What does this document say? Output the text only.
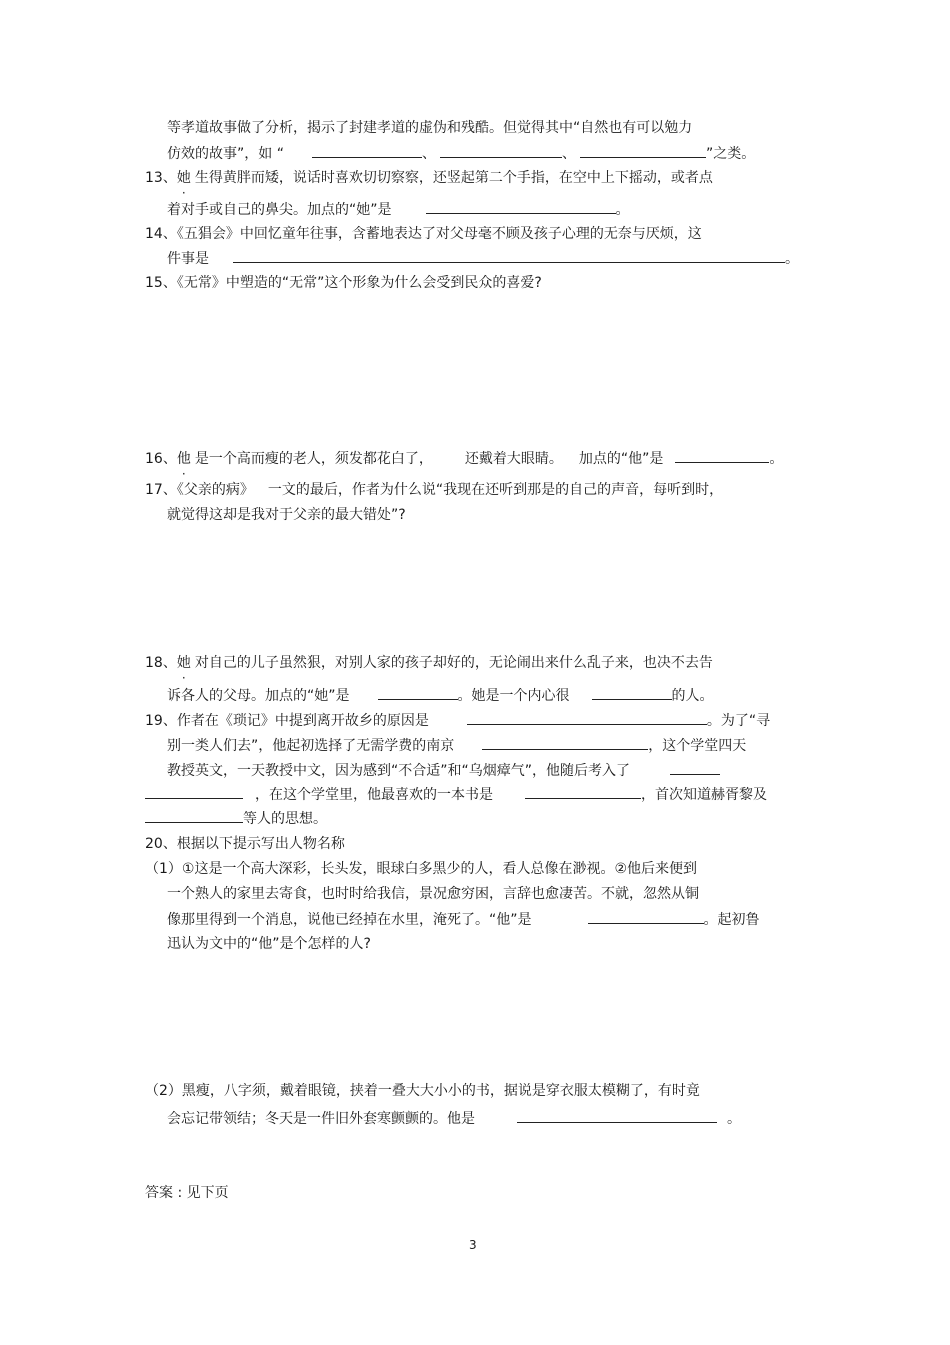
等孝道故事做了分析，揭示了封建孝道的虚伪和残酷。但觉得其中“自然也有可以勉力
仿效的故事”，如 “	、	、	”之类。
13、她 生得黄胖而矮，说话时喜欢切切察察，还竖起第二个手指，在空中上下摇动，或者点
着对手或自己的鼻尖。加点的“她”是	。
14、《五猖会》中回忆童年往事，含蓄地表达了对父母毫不顾及孩子心理的无奈与厌烦，这
件事是	。
15、《无常》中塑造的“无常”这个形象为什么会受到民众的喜爱?
16、他 是一个高而瘦的老人，须发都花白了， 还戴着大眼睛。 加点的“他”是	。
17、《父亲的病》 一文的最后，作者为什么说“我现在还听到那是的自己的声音，每听到时，
就觉得这却是我对于父亲的最大错处”?
18、她 对自己的儿子虽然狠，对别人家的孩子却好的，无论闹出来什么乱子来，也决不去告
诉各人的父母。加点的“她”是	。她是一个内心很	的人。
19、作者在《琐记》中提到离开故乡的原因是	。为了“寻
别一类人们去”，他起初选择了无需学费的南京	，这个学堂四天
教授英文，一天教授中文，因为感到“不合适”和“乌烟瘴气”，他随后考入了
，在这个学堂里，他最喜欢的一本书是	，首次知道赫胥黎及
等人的思想。
20、根据以下提示写出人物名称
（1）①这是一个高大深彩，长头发，眼球白多黑少的人，看人总像在渺视。②他后来便到
一个熟人的家里去寄食，也时时给我信，景况愈穷困，言辞也愈凄苦。不就，忽然从铜
像那里得到一个消息，说他已经掉在水里，淹死了。“他”是	。起初鲁
迅认为文中的“他”是个怎样的人?
（2）黑瘦，八字须，戴着眼镜，挟着一叠大大小小的书，据说是穿衣服太模糊了，有时竟
会忘记带领结；冬天是一件旧外套寒颤颤的。他是	。
答案 : 见下页
3
